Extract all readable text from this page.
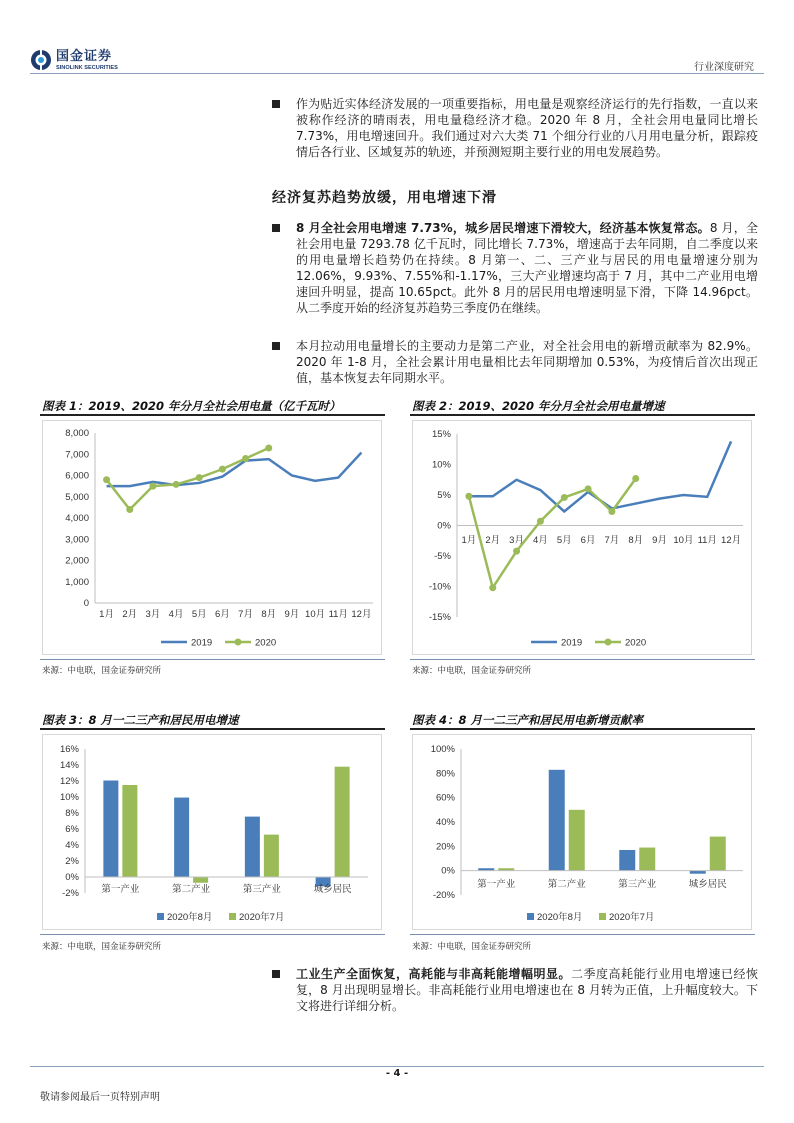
国金证券
SINOLINK SECURITIES	行业深度研究
作为贴近实体经济发展的一项重要指标，用电量是观察经济运行的先行指数，一直以来被称作经济的晴雨表，用电量稳经济才稳。2020 年 8 月，全社会用电量同比增长 7.73%，用电增速回升。我们通过对六大类 71 个细分行业的八月用电量分析，跟踪疫情后各行业、区域复苏的轨迹，并预测短期主要行业的用电发展趋势。
经济复苏趋势放缓，用电增速下滑
8 月全社会用电增速 7.73%，城乡居民增速下滑较大，经济基本恢复常态。8 月，全社会用电量 7293.78 亿千瓦时，同比增长 7.73%，增速高于去年同期，自二季度以来的用电量增长趋势仍在持续。8 月第一、二、三产业与居民的用电量增速分别为 12.06%，9.93%、7.55%和-1.17%，三大产业增速均高于 7 月，其中二产业用电增速回升明显，提高 10.65pct。此外 8 月的居民用电增速明显下滑，下降 14.96pct。从二季度开始的经济复苏趋势三季度仍在继续。
本月拉动用电量增长的主要动力是第二产业，对全社会用电的新增贡献率为 82.9%。2020 年 1-8 月，全社会累计用电量相比去年同期增加 0.53%，为疫情后首次出现正值，基本恢复去年同期水平。
图表 1：2019、2020 年分月全社会用电量（亿千瓦时）
0
1,000
2,000
3,000
4,000
5,000
6,000
7,000
8,000
1月 2月 3月 4月 5月 6月 7月 8月 9月 10月 11月 12月
2019	2020
来源：中电联，国金证券研究所
图表 2：2019、2020 年分月全社会用电量增速
-15%
-10%
-5%
0%
5%
10%
15%
1月 2月 3月 4月 5月 6月 7月 8月 9月 10月 11月 12月
2019	2020
来源：中电联，国金证券研究所
图表 3：8 月一二三产和居民用电增速
-2%
0%
2%
4%
6%
8%
10%
12%
14%
16%
第一产业	第二产业	第三产业	城乡居民
2020年8月	2020年7月
来源：中电联，国金证券研究所
图表 4：8 月一二三产和居民用电新增贡献率
-20%
0%
20%
40%
60%
80%
100%
第一产业	第二产业	第三产业	城乡居民
2020年8月	2020年7月
来源：中电联，国金证券研究所
工业生产全面恢复，高耗能与非高耗能增幅明显。二季度高耗能行业用电增速已经恢复，8 月出现明显增长。非高耗能行业用电增速也在 8 月转为正值，上升幅度较大。下文将进行详细分析。
- 4 -
敬请参阅最后一页特别声明
